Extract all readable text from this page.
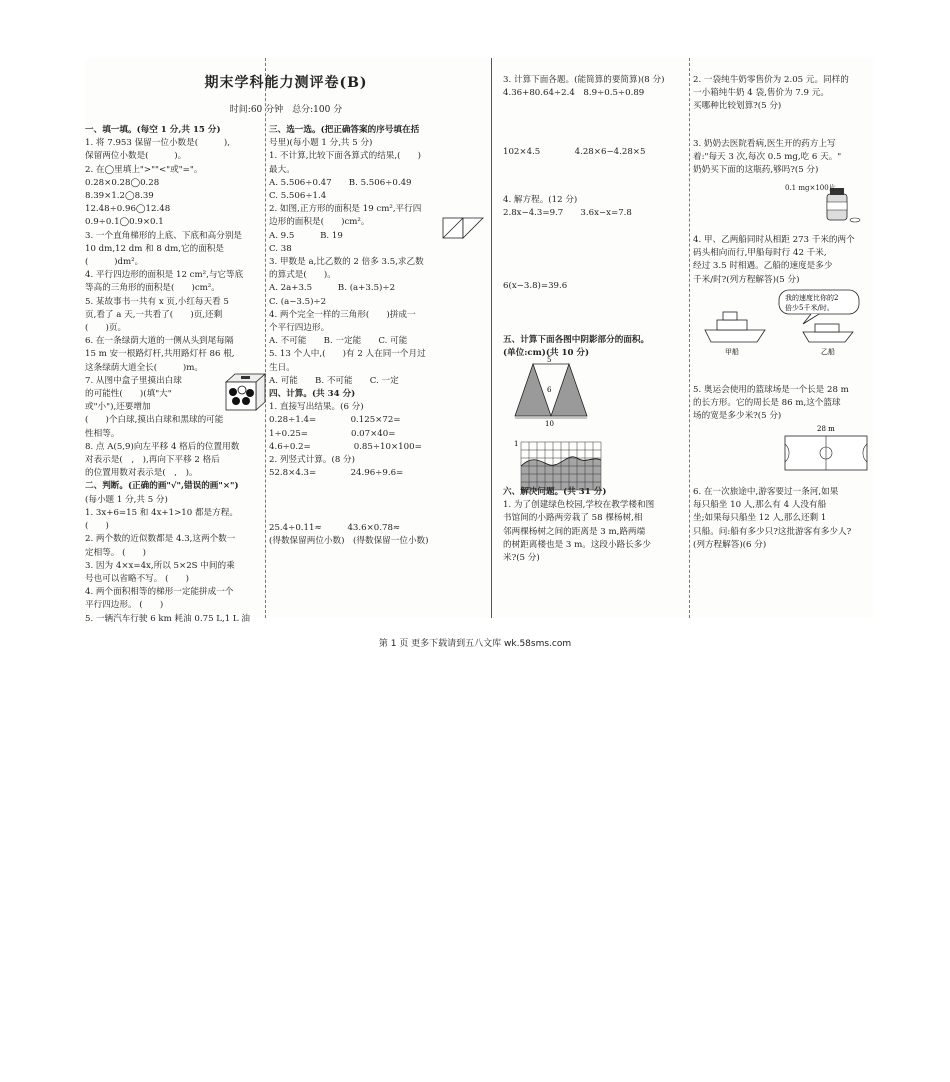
期末学科能力测评卷(B)
时间:60 分钟　总分:100 分

一、填一填。(每空 1 分,共 15 分)

1. 将 7.953 保留一位小数是(　　　),

保留两位小数是(　　　)。

2. 在◯里填上">""<"或"="。

0.28×0.28◯0.28

8.39×1.2◯8.39

12.48÷0.96◯12.48

0.9÷0.1◯0.9×0.1

3. 一个直角梯形的上底、下底和高分别是

10 dm,12 dm 和 8 dm,它的面积是

(　　　)dm²。

4. 平行四边形的面积是 12 cm²,与它等底

等高的三角形的面积是(　　)cm²。

5. 某故事书一共有 x 页,小红每天看 5

页,看了 a 天,一共看了(　　)页,还剩

(　　)页。

6. 在一条绿荫大道的一侧从头到尾每隔

15 m 安一根路灯杆,共用路灯杆 86 根,

这条绿荫大道全长(　　　)m。

7. 从图中盒子里摸出白球

的可能性(　　)(填"大"

或"小"),还要增加

(　　)个白球,摸出白球和黑球的可能

性相等。

8. 点 A(5,9)向左平移 4 格后的位置用数

对表示是(　,　),再向下平移 2 格后

的位置用数对表示是(　,　)。

二、判断。(正确的画"√",错误的画"×")

(每小题 1 分,共 5 分)

1. 3x+6=15 和 4x+1>10 都是方程。

(　　)

2. 两个数的近似数都是 4.3,这两个数一

定相等。 (　　)

3. 因为 4×x=4x,所以 5×2S 中间的乘

号也可以省略不写。 (　　)

4. 两个面积相等的梯形一定能拼成一个

平行四边形。 (　　)

5. 一辆汽车行驶 6 km 耗油 0.75 L,1 L 油

三、选一选。(把正确答案的序号填在括

号里)(每小题 1 分,共 5 分)

1. 不计算,比较下面各算式的结果,(　　)

最大。

A. 5.506÷0.47　　B. 5.506÷0.49

C. 5.506÷1.4

2. 如图,正方形的面积是 19 cm²,平行四

边形的面积是(　　)cm²。

A. 9.5　　　B. 19

C. 38

3. 甲数是 a,比乙数的 2 倍多 3.5,求乙数

的算式是(　　)。

A. 2a+3.5　　　B. (a+3.5)÷2

C. (a−3.5)÷2

4. 两个完全一样的三角形(　　)拼成一

个平行四边形。

A. 不可能　　B. 一定能　　C. 可能

5. 13 个人中,(　　)有 2 人在同一个月过

生日。

A. 可能　　B. 不可能　　C. 一定

四、计算。(共 34 分)

1. 直接写出结果。(6 分)

0.28÷1.4=　　　　0.125×72=

1÷0.25=　　　　　0.07×40=

4.6÷0.2=　　　　　0.85÷10×100=

2. 列竖式计算。(8 分)

52.8×4.3=　　　　24.96÷9.6=

25.4÷0.11≈　　　43.6×0.78≈

(得数保留两位小数)　(得数保留一位小数)

3. 计算下面各题。(能简算的要简算)(8 分)

4.36+80.64÷2.4　8.9÷0.5÷0.89

102×4.5　　　　4.28×6−4.28×5

4. 解方程。(12 分)

2.8x−4.3=9.7　　3.6x−x=7.8

6(x−3.8)=39.6

五、计算下面各图中阴影部分的面积。

(单位:cm)(共 10 分)

5
6
10
1

六、解决问题。(共 31 分)

1. 为了创建绿色校园,学校在教学楼和图

书馆间的小路两旁栽了 58 棵杨树,相

邻两棵杨树之间的距离是 3 m,路两端

的树距离楼也是 3 m。这段小路长多少

米?(5 分)

2. 一袋纯牛奶零售价为 2.05 元。同样的

一小箱纯牛奶 4 袋,售价为 7.9 元。

买哪种比较划算?(5 分)

3. 奶奶去医院看病,医生开的药方上写

着:"每天 3 次,每次 0.5 mg,吃 6 天。"

奶奶买下面的这瓶药,够吗?(5 分)

0.1 mg×100片

4. 甲、乙两船同时从相距 273 千米的两个

码头相向而行,甲船每时行 42 千米,

经过 3.5 时相遇。乙船的速度是多少

千米/时?(列方程解答)(5 分)

我的速度比你的2
倍少5千米/时。
甲船	乙船

5. 奥运会使用的篮球场是一个长是 28 m

的长方形。它的周长是 86 m,这个篮球

场的宽是多少米?(5 分)

28 m

6. 在一次旅途中,游客要过一条河,如果

每只船坐 10 人,那么有 4 人没有船

坐;如果每只船坐 12 人,那么还剩 1

只船。问:船有多少只?这批游客有多少人?

(列方程解答)(6 分)

第 1 页 更多下载请到五八文库 wk.58sms.com
